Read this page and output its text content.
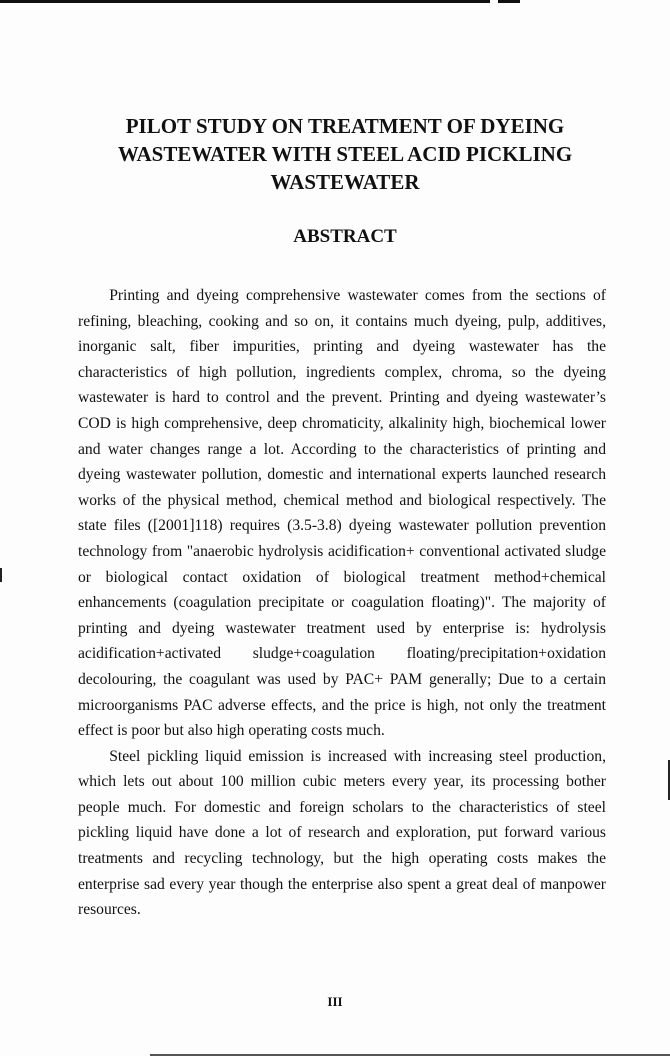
PILOT STUDY ON TREATMENT OF DYEING
WASTEWATER WITH STEEL ACID PICKLING
WASTEWATER
ABSTRACT

Printing and dyeing comprehensive wastewater comes from the sections of refining, bleaching, cooking and so on, it contains much dyeing, pulp, additives, inorganic salt, fiber impurities, printing and dyeing wastewater has the characteristics of high pollution, ingredients complex, chroma, so the dyeing wastewater is hard to control and the prevent. Printing and dyeing wastewater’s COD is high comprehensive, deep chromaticity, alkalinity high, biochemical lower and water changes range a lot. According to the characteristics of printing and dyeing wastewater pollution, domestic and international experts launched research works of the physical method, chemical method and biological respectively. The state files ([2001]118) requires (3.5-3.8) dyeing wastewater pollution prevention technology from "anaerobic hydrolysis acidification+ conventional activated sludge or biological contact oxidation of biological treatment method+chemical enhancements (coagulation precipitate or coagulation floating)". The majority of printing and dyeing wastewater treatment used by enterprise is: hydrolysis acidification+activated sludge+coagulation floating/precipitation+oxidation decolouring, the coagulant was used by PAC+ PAM generally; Due to a certain microorganisms PAC adverse effects, and the price is high, not only the treatment effect is poor but also high operating costs much.

Steel pickling liquid emission is increased with increasing steel production, which lets out about 100 million cubic meters every year, its processing bother people much. For domestic and foreign scholars to the characteristics of steel pickling liquid have done a lot of research and exploration, put forward various treatments and recycling technology, but the high operating costs makes the enterprise sad every year though the enterprise also spent a great deal of manpower resources.

III
